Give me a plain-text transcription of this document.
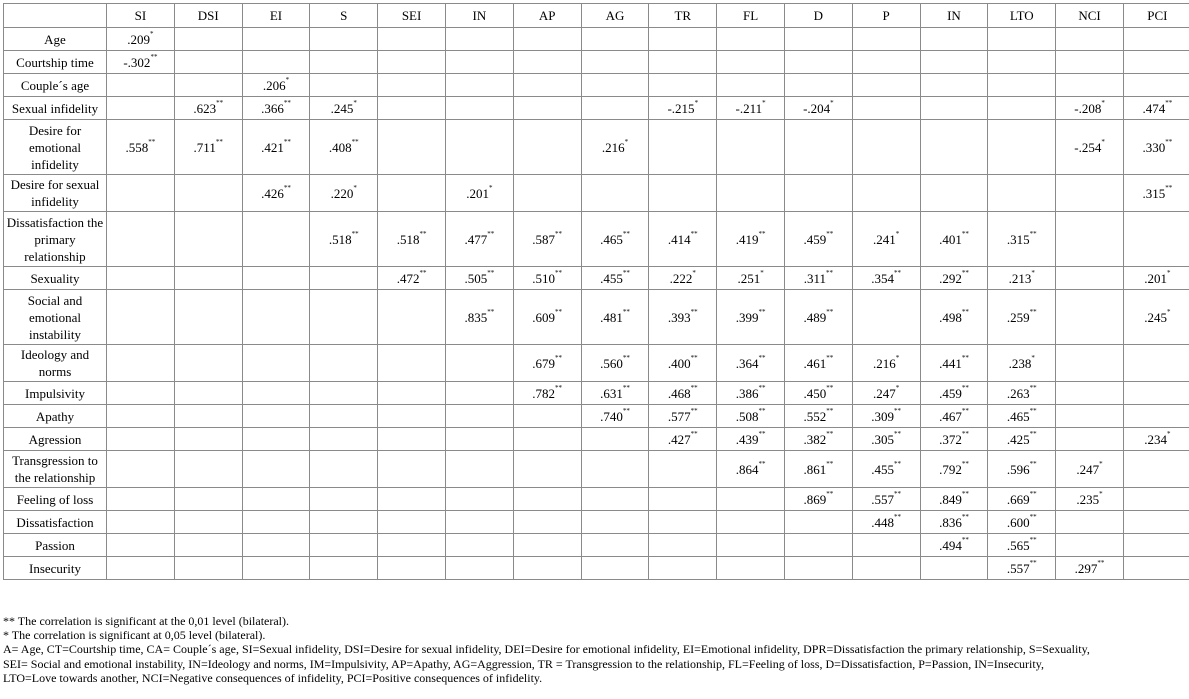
	SI	DSI	EI	S	SEI	IN	AP	AG	TR	FL	D	P	IN	LTO	NCI	PCI
Age	.209*															
Courtship time	-.302**															
Couple´s age			.206*													
Sexual infidelity		.623**	.366**	.245*					-.215*	-.211*	-.204*				-.208*	.474**
Desire for emotional infidelity	.558**	.711**	.421**	.408**				.216*							-.254*	.330**
Desire for sexual infidelity			.426**	.220*		.201*										.315**
Dissatisfaction the primary relationship				.518**	.518**	.477**	.587**	.465**	.414**	.419**	.459**	.241*	.401**	.315**		
Sexuality					.472**	.505**	.510**	.455**	.222*	.251*	.311**	.354**	.292**	.213*		.201*
Social and emotional instability						.835**	.609**	.481**	.393**	.399**	.489**		.498**	.259**		.245*
Ideology and norms							.679**	.560**	.400**	.364**	.461**	.216*	.441**	.238*		
Impulsivity							.782**	.631**	.468**	.386**	.450**	.247*	.459**	.263**		
Apathy								.740**	.577**	.508**	.552**	.309**	.467**	.465**		
Agression									.427**	.439**	.382**	.305**	.372**	.425**		.234*
Transgression to the relationship										.864**	.861**	.455**	.792**	.596**	.247*	
Feeling of loss											.869**	.557**	.849**	.669**	.235*	
Dissatisfaction												.448**	.836**	.600**		
Passion													.494**	.565**		
Insecurity														.557**	.297**	

** The correlation is significant at the 0,01 level (bilateral).

* The correlation is significant at 0,05 level (bilateral).

A= Age, CT=Courtship time, CA= Couple´s age, SI=Sexual infidelity, DSI=Desire for sexual infidelity, DEI=Desire for emotional infidelity, EI=Emotional infidelity, DPR=Dissatisfaction the primary relationship, S=Sexuality,

SEI= Social and emotional instability, IN=Ideology and norms, IM=Impulsivity, AP=Apathy, AG=Aggression, TR = Transgression to the relationship, FL=Feeling of loss, D=Dissatisfaction, P=Passion, IN=Insecurity,

LTO=Love towards another, NCI=Negative consequences of infidelity, PCI=Positive consequences of infidelity.
